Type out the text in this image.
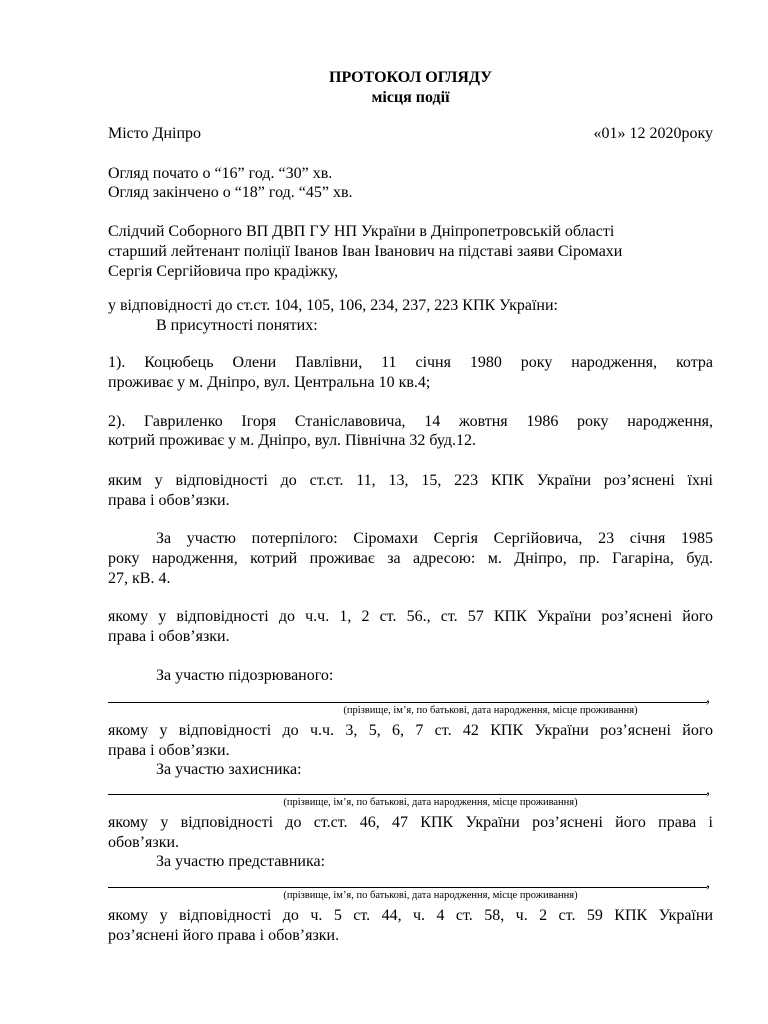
ПРОТОКОЛ ОГЛЯДУ
місця події
Місто Дніпро	«01» 12 2020року
Огляд почато о “16” год. “30” хв.
Огляд закінчено о “18” год. “45” хв.
Слідчий Соборного ВП ДВП ГУ НП України в Дніпропетровській області
старший лейтенант поліції Іванов Іван Іванович на підставі заяви Сіромахи
Сергія Сергійовича про крадіжку,
у відповідності до ст.ст. 104, 105, 106, 234, 237, 223 КПК України:
В присутності понятих:
1). Коцюбець Олени Павлівни, 11 січня 1980 року народження, котра
проживає у м. Дніпро, вул. Центральна 10 кв.4;
2). Гавриленко Ігоря Станіславовича, 14 жовтня 1986 року народження,
котрий проживає у м. Дніпро, вул. Північна 32 буд.12.
яким у відповідності до ст.ст. 11, 13, 15, 223 КПК України роз’яснені їхні
права і обов’язки.
За участю потерпілого: Сіромахи Сергія Сергійовича, 23 січня 1985
року народження, котрий проживає за адресою: м. Дніпро, пр. Гагаріна, буд.
27, кВ. 4.
якому у відповідності до ч.ч. 1, 2 ст. 56., ст. 57 КПК України роз’яснені його
права і обов’язки.
За участю підозрюваного:
,
(прізвище, ім’я, по батькові, дата народження, місце проживання)
якому у відповідності до ч.ч. 3, 5, 6, 7 ст. 42 КПК України роз’яснені його
права і обов’язки.
За участю захисника:
,
(прізвище, ім’я, по батькові, дата народження, місце проживання)
якому у відповідності до ст.ст. 46, 47 КПК України роз’яснені його права і
обов’язки.
За участю представника:
,
(прізвище, ім’я, по батькові, дата народження, місце проживання)
якому у відповідності до ч. 5 ст. 44, ч. 4 ст. 58, ч. 2 ст. 59 КПК України
роз’яснені його права і обов’язки.
